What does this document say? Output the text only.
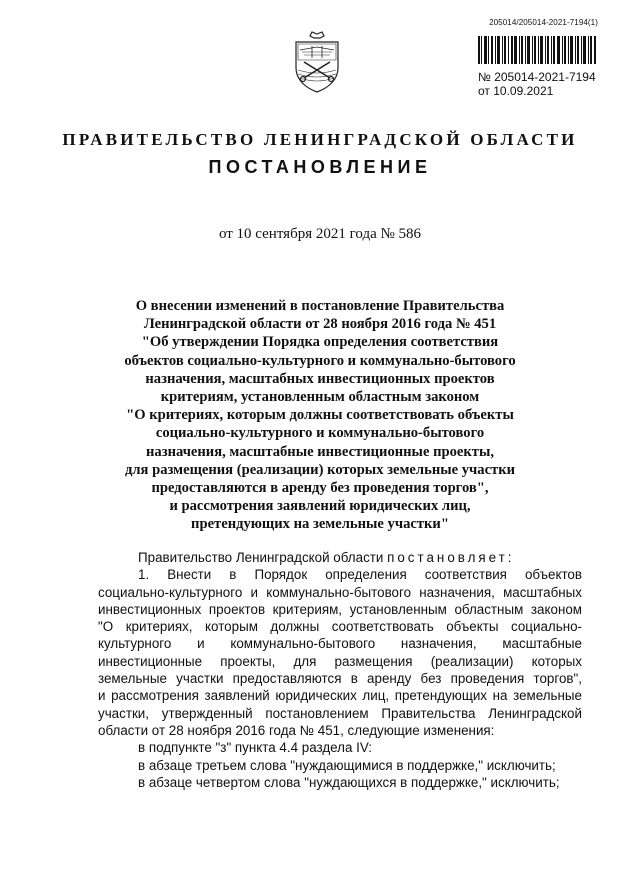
205014/205014-2021-7194(1)
№ 205014-2021-7194
от 10.09.2021
ПРАВИТЕЛЬСТВО ЛЕНИНГРАДСКОЙ ОБЛАСТИ
ПОСТАНОВЛЕНИЕ
от 10 сентября 2021 года № 586
О внесении изменений в постановление Правительства
Ленинградской области от 28 ноября 2016 года № 451
"Об утверждении Порядка определения соответствия
объектов социально-культурного и коммунально-бытового
назначения, масштабных инвестиционных проектов
критериям, установленным областным законом
"О критериях, которым должны соответствовать объекты
социально-культурного и коммунально-бытового
назначения, масштабные инвестиционные проекты,
для размещения (реализации) которых земельные участки
предоставляются в аренду без проведения торгов",
и рассмотрения заявлений юридических лиц,
претендующих на земельные участки"
Правительство Ленинградской области постановляет:
1. Внести в Порядок определения соответствия объектов
социально-культурного и коммунально-бытового назначения, масштабных
инвестиционных проектов критериям, установленным областным законом
"О критериях, которым должны соответствовать объекты социально-
культурного и коммунально-бытового назначения, масштабные
инвестиционные проекты, для размещения (реализации) которых
земельные участки предоставляются в аренду без проведения торгов",
и рассмотрения заявлений юридических лиц, претендующих на земельные
участки, утвержденный постановлением Правительства Ленинградской
области от 28 ноября 2016 года № 451, следующие изменения:
в подпункте "з" пункта 4.4 раздела IV:
в абзаце третьем слова "нуждающимися в поддержке," исключить;
в абзаце четвертом слова "нуждающихся в поддержке," исключить;
